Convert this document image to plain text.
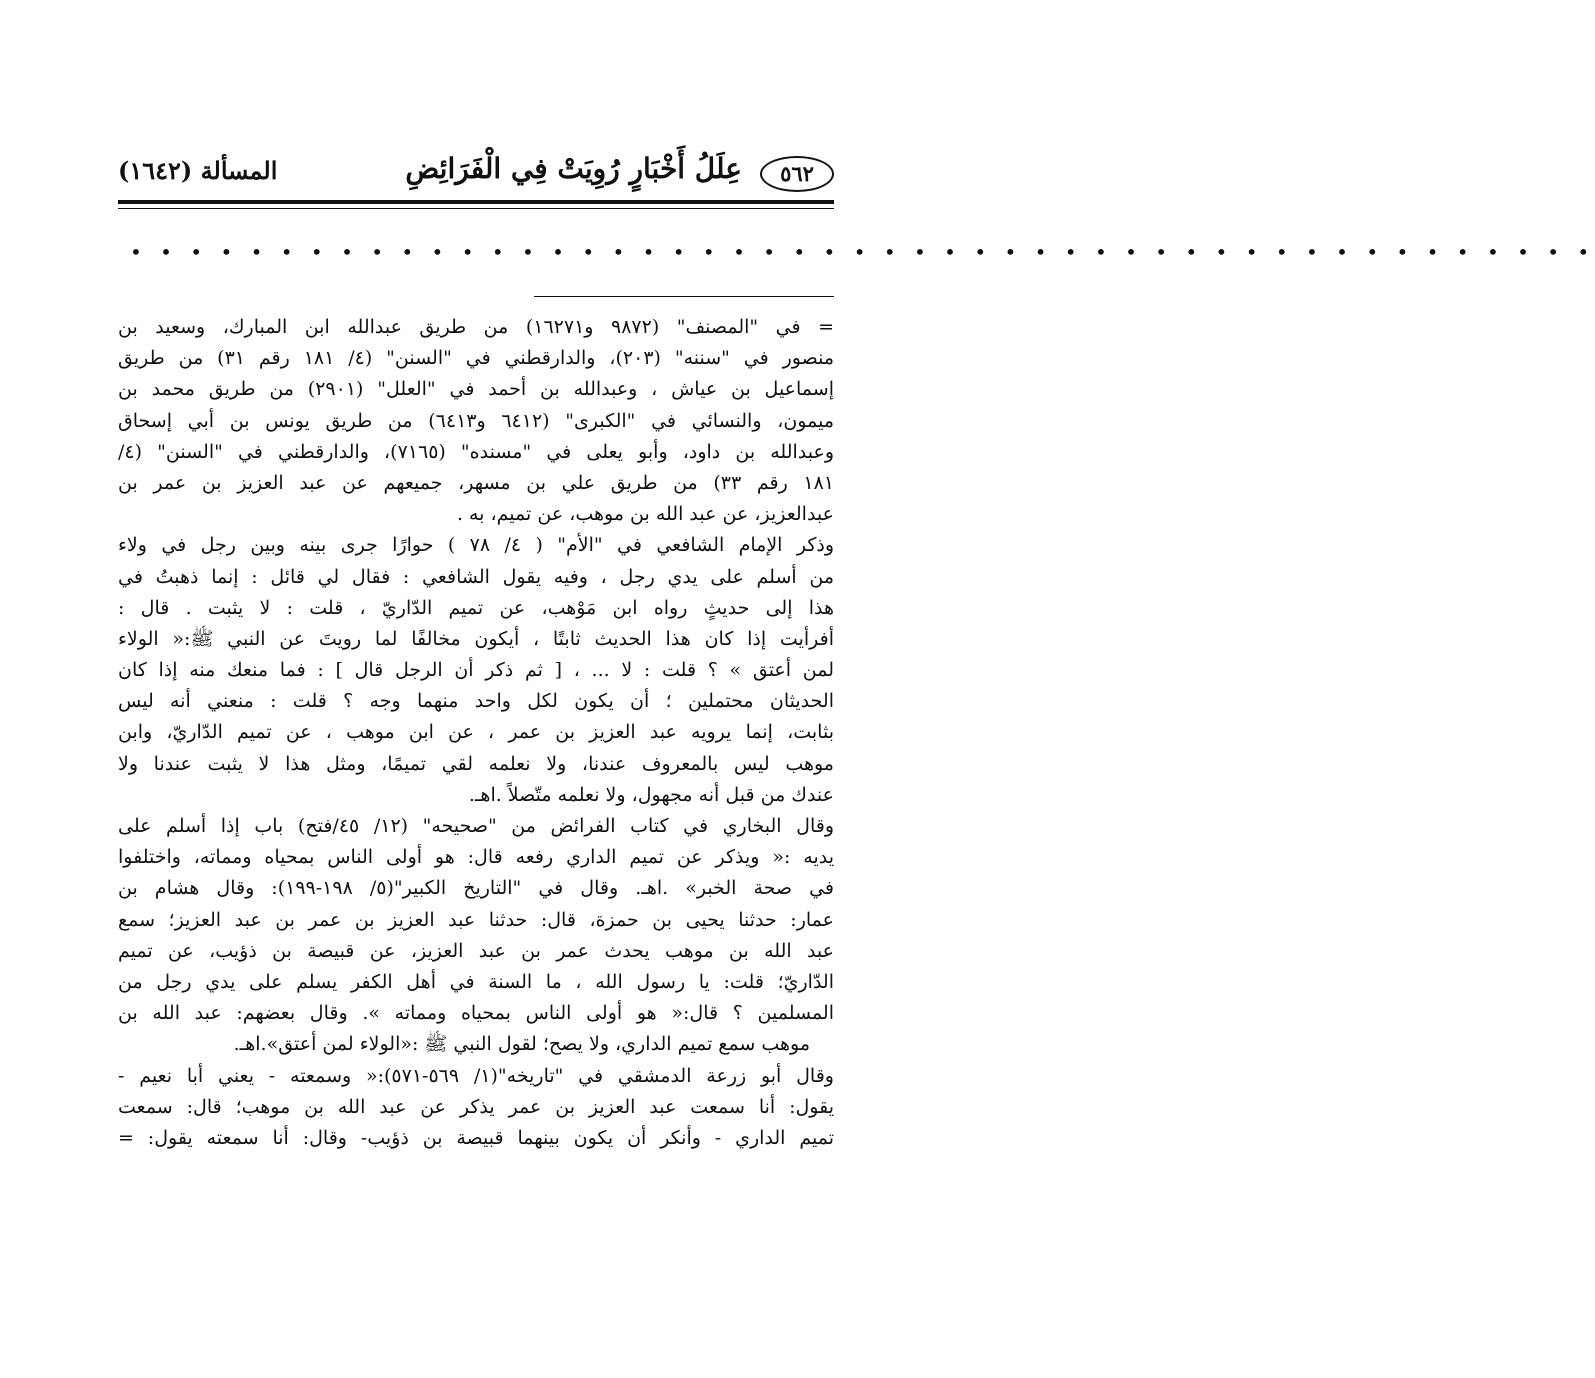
٥٦٢
عِلَلُ أَخْبَارٍ رُوِيَتْ فِي الْفَرَائِضِ
المسألة (١٦٤٢)
• • • • • • • • • • • • • • • • • • • • • • • • • • • • • • • • • • • • • • • • • • • • • • • • •
= في "المصنف" (٩٨٧٢ و١٦٢٧١) من طريق عبدالله ابن المبارك، وسعيد بن
منصور في "سننه" (٢٠٣)، والدارقطني في "السنن" (٤/ ١٨١ رقم ٣١) من طريق
إسماعيل بن عياش ، وعبدالله بن أحمد في "العلل" (٢٩٠١) من طريق محمد بن
ميمون، والنسائي في "الكبرى" (٦٤١٢ و٦٤١٣) من طريق يونس بن أبي إسحاق
وعبدالله بن داود، وأبو يعلى في "مسنده" (٧١٦٥)، والدارقطني في "السنن" (٤/
١٨١ رقم ٣٣) من طريق علي بن مسهر، جميعهم عن عبد العزيز بن عمر بن
عبدالعزيز، عن عبد الله بن موهب، عن تميم، به .
وذكر الإمام الشافعي في "الأم" ( ٤/ ٧٨ ) حوارًا جرى بينه وبين رجل في ولاء
من أسلم على يدي رجل ، وفيه يقول الشافعي : فقال لي قائل : إنما ذهبتُ في
هذا إلى حديثٍ رواه ابن مَوْهب، عن تميم الدّاريّ ، قلت : لا يثبت . قال :
أفرأيت إذا كان هذا الحديث ثابتًا ، أيكون مخالفًا لما رويتَ عن النبي ﷺ:« الولاء
لمن أعتق » ؟ قلت : لا ... ، [ ثم ذكر أن الرجل قال ] : فما منعك منه إذا كان
الحديثان محتملين ؛ أن يكون لكل واحد منهما وجه ؟ قلت : منعني أنه ليس
بثابت، إنما يرويه عبد العزيز بن عمر ، عن ابن موهب ، عن تميم الدّاريّ، وابن
موهب ليس بالمعروف عندنا، ولا نعلمه لقي تميمًا، ومثل هذا لا يثبت عندنا ولا
عندك من قبل أنه مجهول، ولا نعلمه متّصلاً .اهـ.
وقال البخاري في كتاب الفرائض من "صحيحه" (١٢/ ٤٥/فتح) باب إذا أسلم على
يديه :« ويذكر عن تميم الداري رفعه قال: هو أولى الناس بمحياه ومماته، واختلفوا
في صحة الخبر» .اهـ. وقال في "التاريخ الكبير"(٥/ ١٩٨-١٩٩): وقال هشام بن
عمار: حدثنا يحيى بن حمزة، قال: حدثنا عبد العزيز بن عمر بن عبد العزيز؛ سمع
عبد الله بن موهب يحدث عمر بن عبد العزيز، عن قبيصة بن ذؤيب، عن تميم
الدّاريّ؛ قلت: يا رسول الله ، ما السنة في أهل الكفر يسلم على يدي رجل من
المسلمين ؟ قال:« هو أولى الناس بمحياه ومماته ». وقال بعضهم: عبد الله بن
موهب سمع تميم الداري، ولا يصح؛ لقول النبي ﷺ :«الولاء لمن أعتق».اهـ.
وقال أبو زرعة الدمشقي في "تاريخه"(١/ ٥٦٩-٥٧١):« وسمعته - يعني أبا نعيم -
يقول: أنا سمعت عبد العزيز بن عمر يذكر عن عبد الله بن موهب؛ قال: سمعت
تميم الداري - وأنكر أن يكون بينهما قبيصة بن ذؤيب- وقال: أنا سمعته يقول: =
